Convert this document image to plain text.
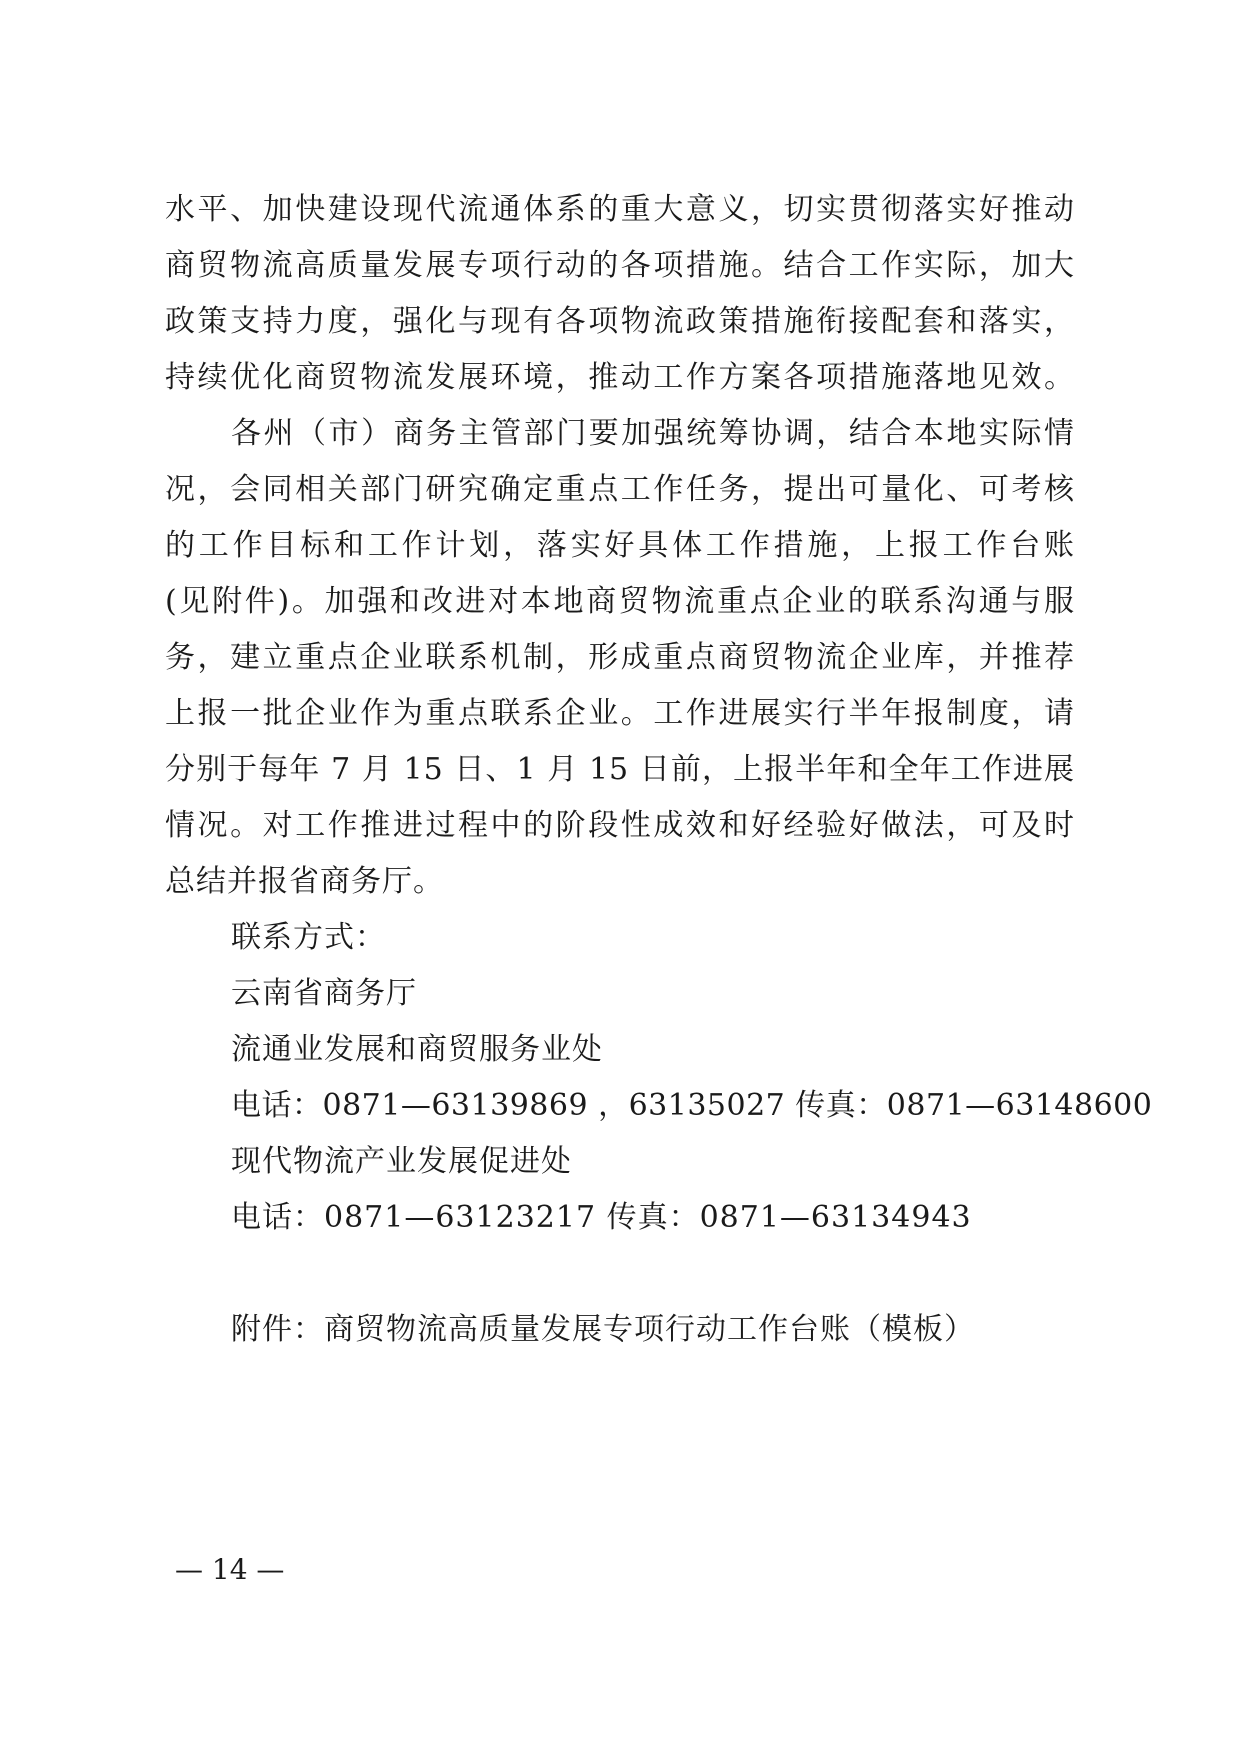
水平、加快建设现代流通体系的重大意义，切实贯彻落实好推动
商贸物流高质量发展专项行动的各项措施。结合工作实际，加大
政策支持力度，强化与现有各项物流政策措施衔接配套和落实，
持续优化商贸物流发展环境，推动工作方案各项措施落地见效。
各州（市）商务主管部门要加强统筹协调，结合本地实际情
况，会同相关部门研究确定重点工作任务，提出可量化、可考核
的工作目标和工作计划，落实好具体工作措施，上报工作台账
(见附件)。加强和改进对本地商贸物流重点企业的联系沟通与服
务，建立重点企业联系机制，形成重点商贸物流企业库，并推荐
上报一批企业作为重点联系企业。工作进展实行半年报制度，请
分别于每年 7 月 15 日、1 月 15 日前，上报半年和全年工作进展
情况。对工作推进过程中的阶段性成效和好经验好做法，可及时
总结并报省商务厅。
联系方式：
云南省商务厅
流通业发展和商贸服务业处
电话：0871—63139869 ，63135027 传真：0871—63148600
现代物流产业发展促进处
电话：0871—63123217 传真：0871—63134943
附件：商贸物流高质量发展专项行动工作台账（模板）
— 14 —
